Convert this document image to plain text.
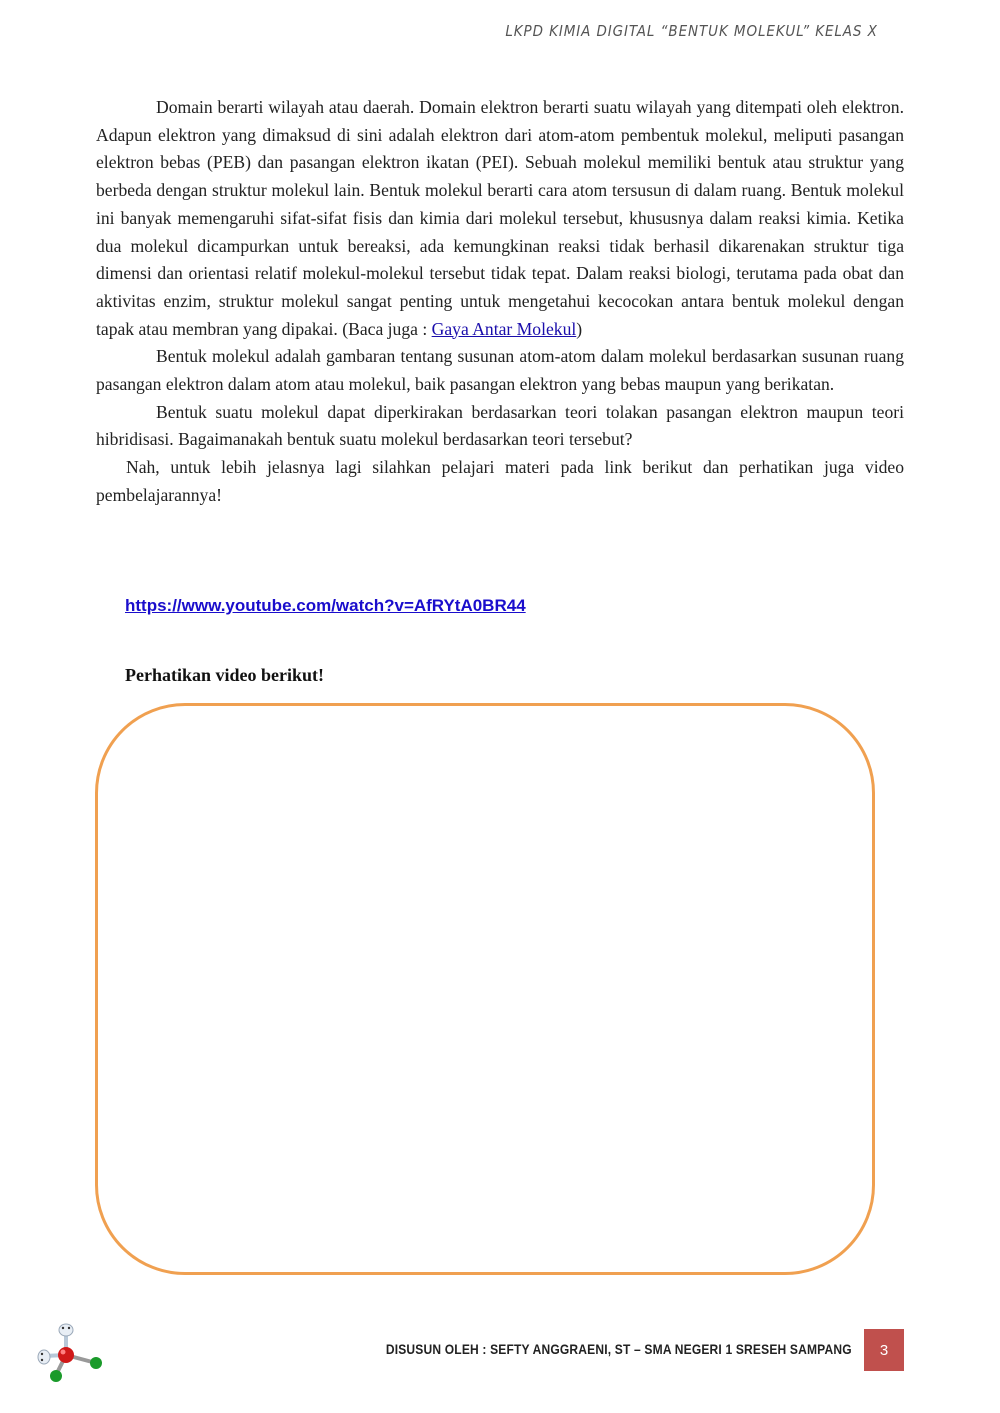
LKPD KIMIA DIGITAL “BENTUK MOLEKUL” KELAS X

Domain berarti wilayah atau daerah. Domain elektron berarti suatu wilayah yang ditempati oleh elektron. Adapun elektron yang dimaksud di sini adalah elektron dari atom-atom pembentuk molekul, meliputi pasangan elektron bebas (PEB) dan pasangan elektron ikatan (PEI). Sebuah molekul memiliki bentuk atau struktur yang berbeda dengan struktur molekul lain. Bentuk molekul berarti cara atom tersusun di dalam ruang. Bentuk molekul ini banyak memengaruhi sifat-sifat fisis dan kimia dari molekul tersebut, khususnya dalam reaksi kimia. Ketika dua molekul dicampurkan untuk bereaksi, ada kemungkinan reaksi tidak berhasil dikarenakan struktur tiga dimensi dan orientasi relatif molekul-molekul tersebut tidak tepat. Dalam reaksi biologi, terutama pada obat dan aktivitas enzim, struktur molekul sangat penting untuk mengetahui kecocokan antara bentuk molekul dengan tapak atau membran yang dipakai. (Baca juga : Gaya Antar Molekul)

Bentuk molekul adalah gambaran tentang susunan atom-atom dalam molekul berdasarkan susunan ruang pasangan elektron dalam atom atau molekul, baik pasangan elektron yang bebas maupun yang berikatan.

Bentuk suatu molekul dapat diperkirakan berdasarkan teori tolakan pasangan elektron maupun teori hibridisasi. Bagaimanakah bentuk suatu molekul berdasarkan teori tersebut?

Nah, untuk lebih jelasnya lagi silahkan pelajari materi pada link berikut dan perhatikan juga video pembelajarannya!

https://www.youtube.com/watch?v=AfRYtA0BR44
Perhatikan video berikut!
DISUSUN OLEH : SEFTY ANGGRAENI, ST – SMA NEGERI 1 SRESEH SAMPANG	3
